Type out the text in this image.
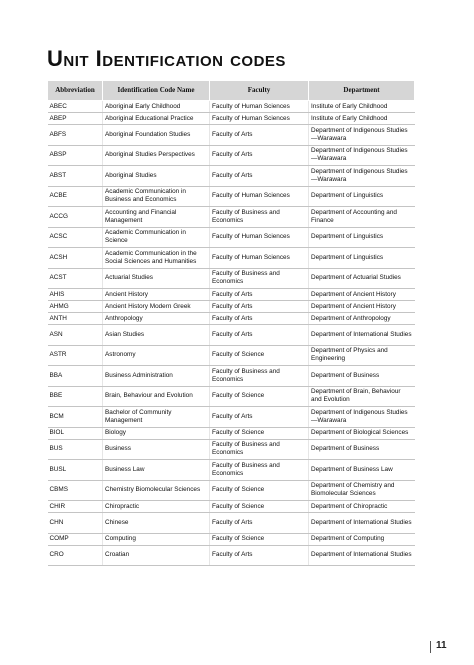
Unit Identification codes
Abbreviation	Identification Code Name	Faculty	Department
ABEC	Aboriginal Early Childhood	Faculty of Human Sciences	Institute of Early Childhood
ABEP	Aboriginal Educational Practice	Faculty of Human Sciences	Institute of Early Childhood
ABFS	Aboriginal Foundation Studies	Faculty of Arts	Department of Indigenous Studies—Warawara
ABSP	Aboriginal Studies Perspectives	Faculty of Arts	Department of Indigenous Studies—Warawara
ABST	Aboriginal Studies	Faculty of Arts	Department of Indigenous Studies—Warawara
ACBE	Academic Communication in Business and Economics	Faculty of Human Sciences	Department of Linguistics
ACCG	Accounting and Financial Management	Faculty of Business and Economics	Department of Accounting and Finance
ACSC	Academic Communication in Science	Faculty of Human Sciences	Department of Linguistics
ACSH	Academic Communication in the Social Sciences and Humanities	Faculty of Human Sciences	Department of Linguistics
ACST	Actuarial Studies	Faculty of Business and Economics	Department of Actuarial Studies
AHIS	Ancient History	Faculty of Arts	Department of Ancient History
AHMG	Ancient History Modern Greek	Faculty of Arts	Department of Ancient History
ANTH	Anthropology	Faculty of Arts	Department of Anthropology
ASN	Asian Studies	Faculty of Arts	Department of International Studies
ASTR	Astronomy	Faculty of Science	Department of Physics and Engineering
BBA	Business Administration	Faculty of Business and Economics	Department of Business
BBE	Brain, Behaviour and Evolution	Faculty of Science	Department of Brain, Behaviour and Evolution
BCM	Bachelor of Community Management	Faculty of Arts	Department of Indigenous Studies—Warawara
BIOL	Biology	Faculty of Science	Department of Biological Sciences
BUS	Business	Faculty of Business and Economics	Department of Business
BUSL	Business Law	Faculty of Business and Economics	Department of Business Law
CBMS	Chemistry Biomolecular Sciences	Faculty of Science	Department of Chemistry and Biomolecular Sciences
CHIR	Chiropractic	Faculty of Science	Department of Chiropractic
CHN	Chinese	Faculty of Arts	Department of International Studies
COMP	Computing	Faculty of Science	Department of Computing
CRO	Croatian	Faculty of Arts	Department of International Studies
11
